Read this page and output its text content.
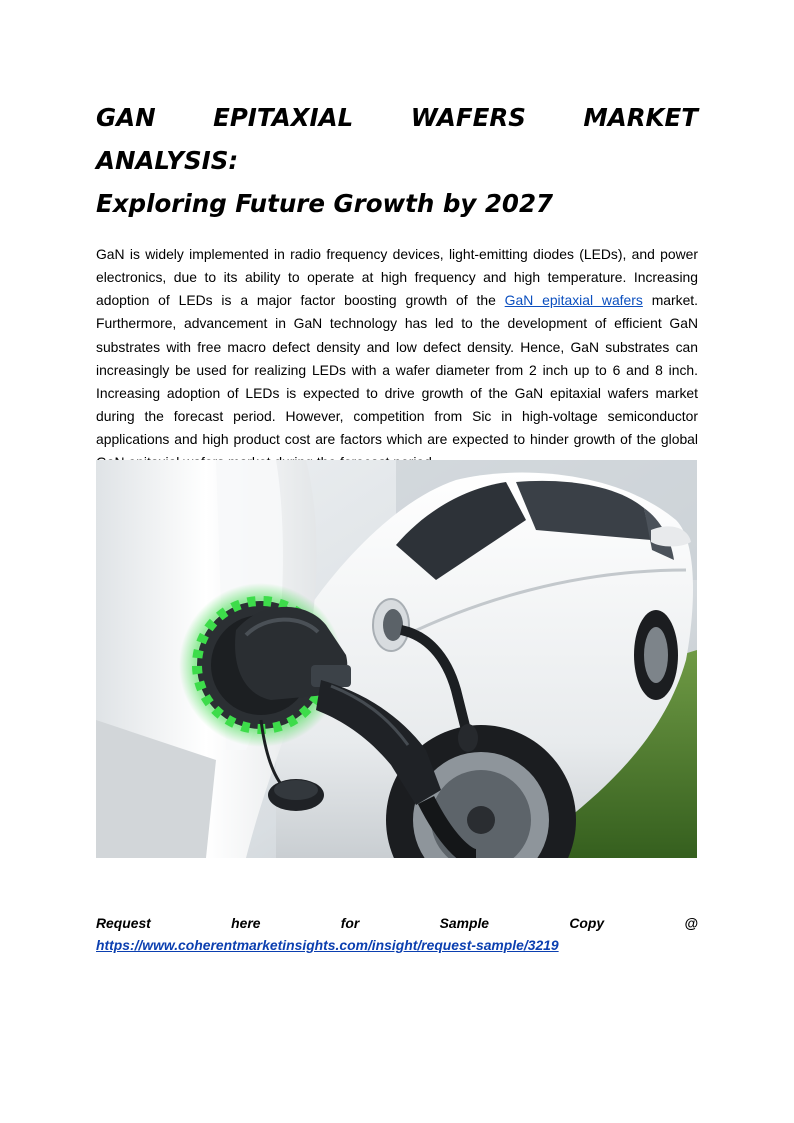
GAN EPITAXIAL WAFERS MARKET ANALYSIS:
Exploring Future Growth by 2027

GaN is widely implemented in radio frequency devices, light-emitting diodes (LEDs), and power electronics, due to its ability to operate at high frequency and high temperature. Increasing adoption of LEDs is a major factor boosting growth of the GaN epitaxial wafers market. Furthermore, advancement in GaN technology has led to the development of efficient GaN substrates with free macro defect density and low defect density. Hence, GaN substrates can increasingly be used for realizing LEDs with a wafer diameter from 2 inch up to 6 and 8 inch. Increasing adoption of LEDs is expected to drive growth of the GaN epitaxial wafers market during the forecast period. However, competition from Sic in high-voltage semiconductor applications and high product cost are factors which are expected to hinder growth of the global

Request	here	for	Sample	Copy	@
https://www.coherentmarketinsights.com/insight/request-sample/3219
